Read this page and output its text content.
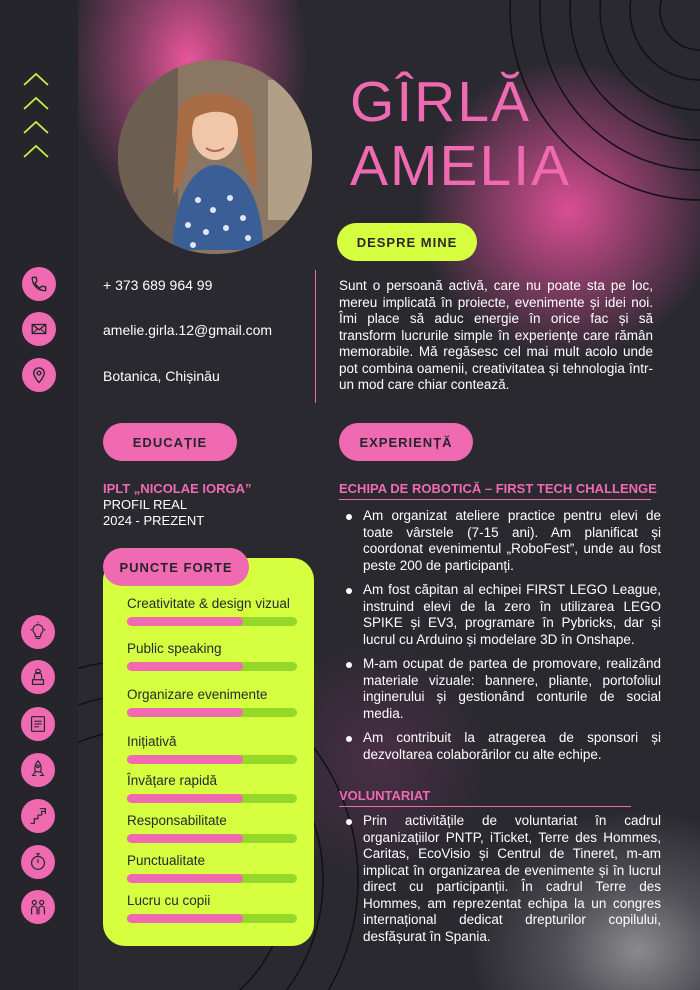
GÎRLĂ
AMELIA
DESPRE MINE
+ 373 689 964 99
amelie.girla.12@gmail.com
Botanica, Chișinău
Sunt o persoană activă, care nu poate sta pe loc, mereu implicată în proiecte, evenimente și idei noi. Îmi place să aduc energie în orice fac și să transform lucrurile simple în experiențe care rămân memorabile. Mă regăsesc cel mai mult acolo unde pot combina oamenii, creativitatea și tehnologia într-un mod care chiar contează.
EDUCAȚIE	EXPERIENȚĂ
IPLT „NICOLAE IORGA”
PROFIL REAL
2024 - PREZENT
Creativitate & design vizual
Public speaking
Organizare evenimente
Inițiativă
Învățare rapidă
Responsabilitate
Punctualitate
Lucru cu copii
PUNCTE FORTE
ECHIPA DE ROBOTICĂ – FIRST TECH CHALLENGE
Am organizat ateliere practice pentru elevi de toate vârstele (7-15 ani). Am planificat și coordonat evenimentul „RoboFest”, unde au fost peste 200 de participanți.
Am fost căpitan al echipei FIRST LEGO League, instruind elevi de la zero în utilizarea LEGO SPIKE și EV3, programare în Pybricks, dar și lucrul cu Arduino și modelare 3D în Onshape.
M-am ocupat de partea de promovare, realizând materiale vizuale: bannere, pliante, portofoliul inginerului și gestionând conturile de social media.
Am contribuit la atragerea de sponsori și dezvoltarea colaborărilor cu alte echipe.
VOLUNTARIAT
Prin activitățile de voluntariat în cadrul organizațiilor PNTP, iTicket, Terre des Hommes, Caritas, EcoVisio și Centrul de Tineret, m-am implicat în organizarea de evenimente și în lucrul direct cu participanții. În cadrul Terre des Hommes, am reprezentat echipa la un congres internațional dedicat drepturilor copilului, desfășurat în Spania.
